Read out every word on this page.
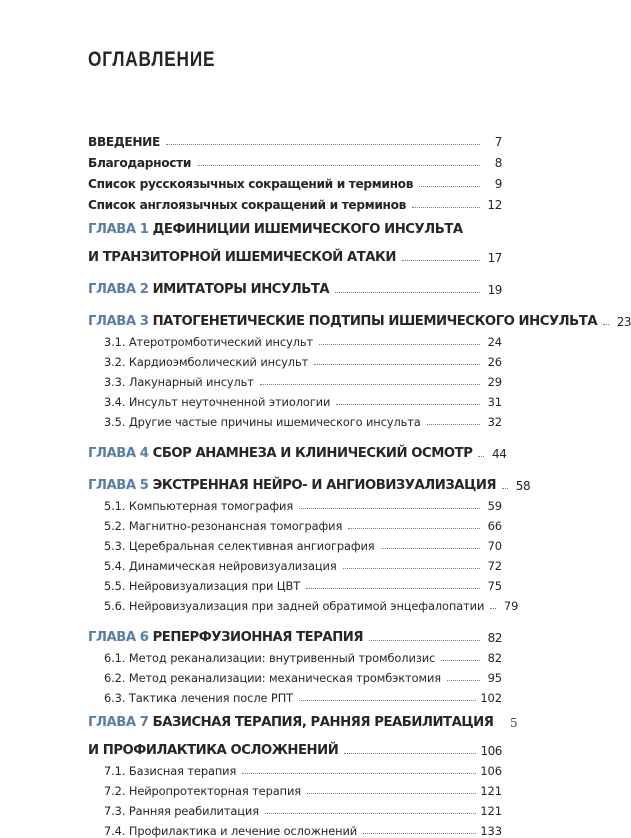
ОГЛАВЛЕНИЕ
ВВЕДЕНИЕ	7
Благодарности	8
Список русскоязычных сокращений и терминов	9
Список англоязычных сокращений и терминов	12
ГЛАВА 1 ДЕФИНИЦИИ ИШЕМИЧЕСКОГО ИНСУЛЬТА
И ТРАНЗИТОРНОЙ ИШЕМИЧЕСКОЙ АТАКИ	17
ГЛАВА 2 ИМИТАТОРЫ ИНСУЛЬТА	19
ГЛАВА 3 ПАТОГЕНЕТИЧЕСКИЕ ПОДТИПЫ ИШЕМИЧЕСКОГО ИНСУЛЬТА	23
3.1. Атеротромботический инсульт	24
3.2. Кардиоэмболический инсульт	26
3.3. Лакунарный инсульт	29
3.4. Инсульт неуточненной этиологии	31
3.5. Другие частые причины ишемического инсульта	32
ГЛАВА 4 СБОР АНАМНЕЗА И КЛИНИЧЕСКИЙ ОСМОТР	44
ГЛАВА 5 ЭКСТРЕННАЯ НЕЙРО- И АНГИОВИЗУАЛИЗАЦИЯ	58
5.1. Компьютерная томография	59
5.2. Магнитно-резонансная томография	66
5.3. Церебральная селективная ангиография	70
5.4. Динамическая нейровизуализация	72
5.5. Нейровизуализация при ЦВТ	75
5.6. Нейровизуализация при задней обратимой энцефалопатии	79
ГЛАВА 6 РЕПЕРФУЗИОННАЯ ТЕРАПИЯ	82
6.1. Метод реканализации: внутривенный тромболизис	82
6.2. Метод реканализации: механическая тромбэктомия	95
6.3. Тактика лечения после РПТ	102
ГЛАВА 7 БАЗИСНАЯ ТЕРАПИЯ, РАННЯЯ РЕАБИЛИТАЦИЯ
И ПРОФИЛАКТИКА ОСЛОЖНЕНИЙ	106
7.1. Базисная терапия	106
7.2. Нейропротекторная терапия	121
7.3. Ранняя реабилитация	121
7.4. Профилактика и лечение осложнений	133
5
